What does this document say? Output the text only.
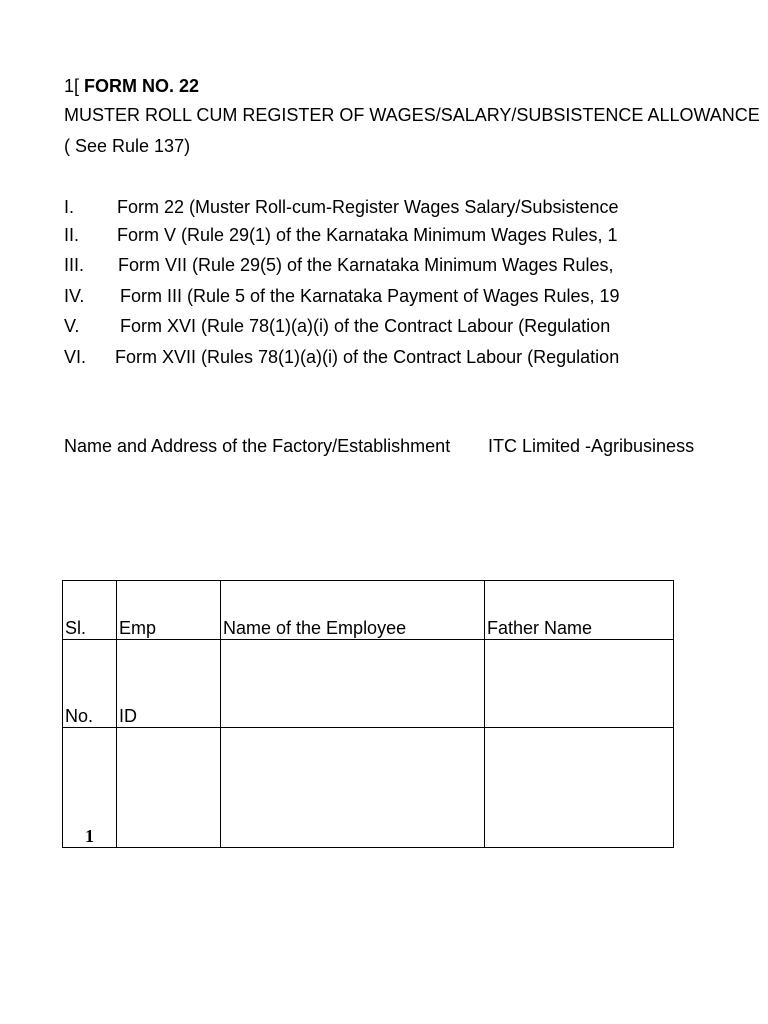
1[ FORM NO. 22
MUSTER ROLL CUM REGISTER OF WAGES/SALARY/SUBSISTENCE ALLOWANCE
( See Rule 137)
I. Form 22 (Muster Roll-cum-Register Wages Salary/Subsistence
II. Form V (Rule 29(1) of the Karnataka Minimum Wages Rules, 1
III. Form VII (Rule 29(5) of the Karnataka Minimum Wages Rules,
IV. Form III (Rule 5 of the Karnataka Payment of Wages Rules, 19
V. Form XVI (Rule 78(1)(a)(i) of the Contract Labour (Regulation
VI. Form XVII (Rules 78(1)(a)(i) of the Contract Labour (Regulation
Name and Address of the Factory/Establishment	ITC Limited -Agribusiness
Sl.	Emp	Name of the Employee	Father Name
No.	ID		
1			
